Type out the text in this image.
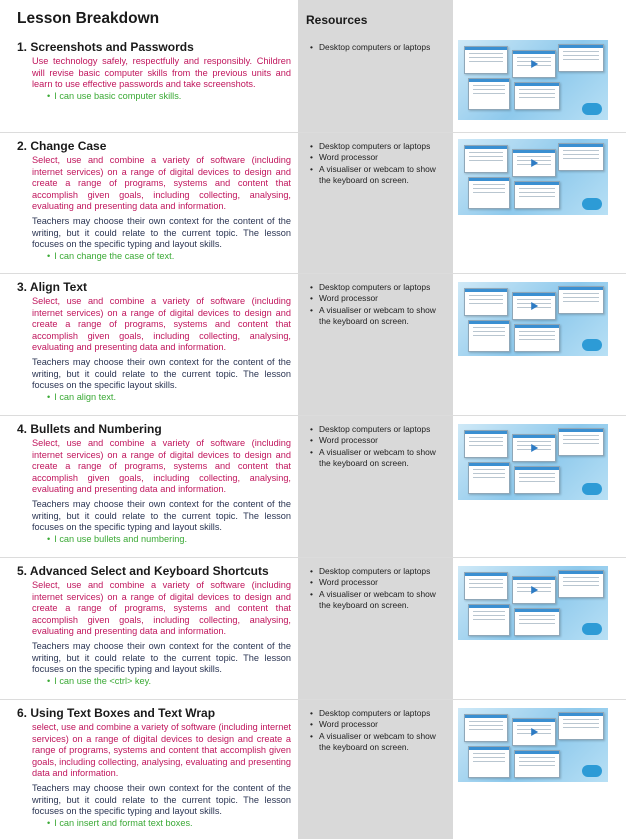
Lesson Breakdown	Resources
1. Screenshots and Passwords
Use technology safely, respectfully and responsibly. Children will revise basic computer skills from the previous units and learn to use effective passwords and take screenshots.
• I can use basic computer skills.
• Desktop computers or laptops
2. Change Case
Select, use and combine a variety of software (including internet services) on a range of digital devices to design and create a range of programs, systems and content that accomplish given goals, including collecting, analysing, evaluating and presenting data and information.
Teachers may choose their own context for the content of the writing, but it could relate to the current topic. The lesson focuses on the specific typing and layout skills.
• I can change the case of text.
• Desktop computers or laptops
• Word processor
• A visualiser or webcam to show the keyboard on screen.
3. Align Text
Select, use and combine a variety of software (including internet services) on a range of digital devices to design and create a range of programs, systems and content that accomplish given goals, including collecting, analysing, evaluating and presenting data and information.
Teachers may choose their own context for the content of the writing, but it could relate to the current topic. The lesson focuses on the specific layout skills.
• I can align text.
• Desktop computers or laptops
• Word processor
• A visualiser or webcam to show the keyboard on screen.
4. Bullets and Numbering
Select, use and combine a variety of software (including internet services) on a range of digital devices to design and create a range of programs, systems and content that accomplish given goals, including collecting, analysing, evaluating and presenting data and information.
Teachers may choose their own context for the content of the writing, but it could relate to the current topic. The lesson focuses on the specific typing and layout skills.
• I can use bullets and numbering.
• Desktop computers or laptops
• Word processor
• A visualiser or webcam to show the keyboard on screen.
5. Advanced Select and Keyboard Shortcuts
Select, use and combine a variety of software (including internet services) on a range of digital devices to design and create a range of programs, systems and content that accomplish given goals, including collecting, analysing, evaluating and presenting data and information.
Teachers may choose their own context for the content of the writing, but it could relate to the current topic. The lesson focuses on the specific typing and layout skills.
• I can use the <ctrl> key.
• Desktop computers or laptops
• Word processor
• A visualiser or webcam to show the keyboard on screen.
6. Using Text Boxes and Text Wrap
select, use and combine a variety of software (including internet services) on a range of digital devices to design and create a range of programs, systems and content that accomplish given goals, including collecting, analysing, evaluating and presenting data and information.
Teachers may choose their own context for the content of the writing, but it could relate to the current topic. The lesson focuses on the specific typing and layout skills.
• I can insert and format text boxes.
• Desktop computers or laptops
• Word processor
• A visualiser or webcam to show the keyboard on screen.
